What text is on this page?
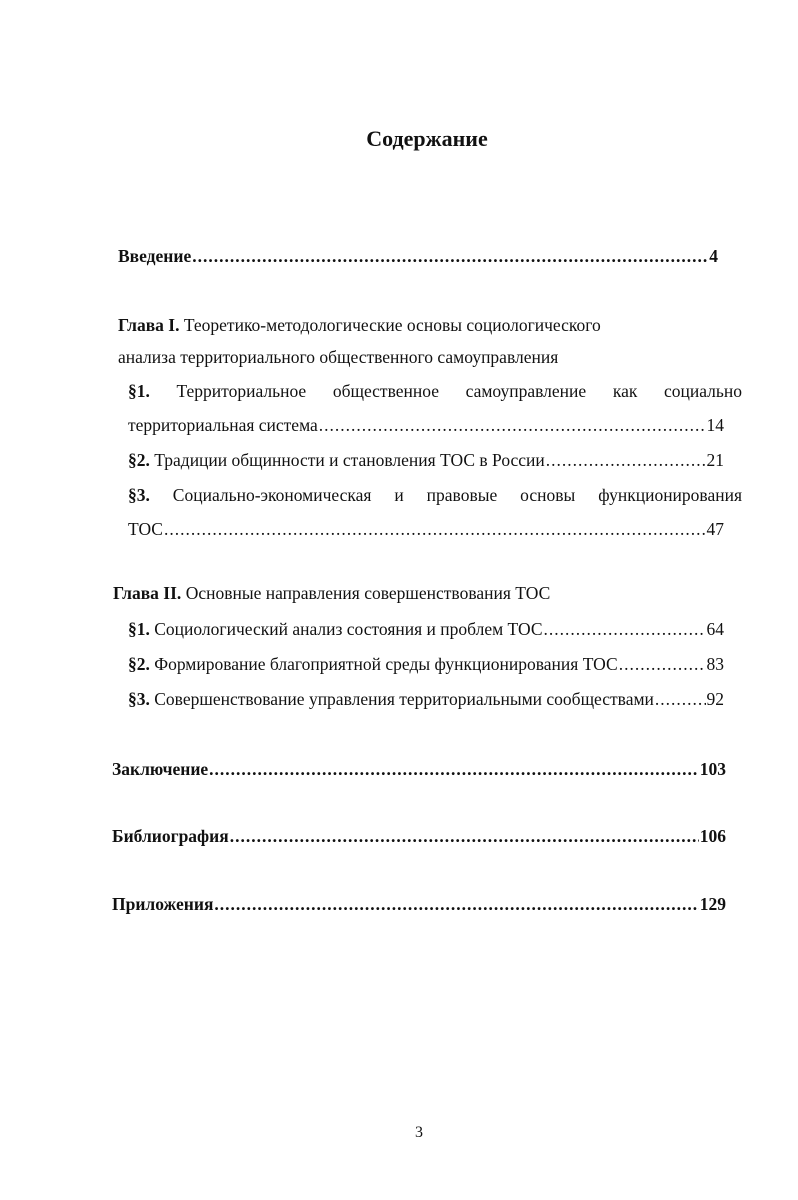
Содержание
Введение .....	4
Глава I. Теоретико-методологические основы социологического
анализа территориального общественного самоуправления
§1. Территориальное общественное самоуправление как социально
территориальная система .....	14
§2. Традиции общинности и становления ТОС в России .....	21
§3. Социально-экономическая и правовые основы функционирования
ТОС .....	47
Глава II. Основные направления совершенствования ТОС
§1. Социологический анализ состояния и проблем ТОС .....	64
§2. Формирование благоприятной среды функционирования ТОС .....	83
§3. Совершенствование управления территориальными сообществами .....	92
Заключение .....	103
Библиография .....	106
Приложения .....	129
3
